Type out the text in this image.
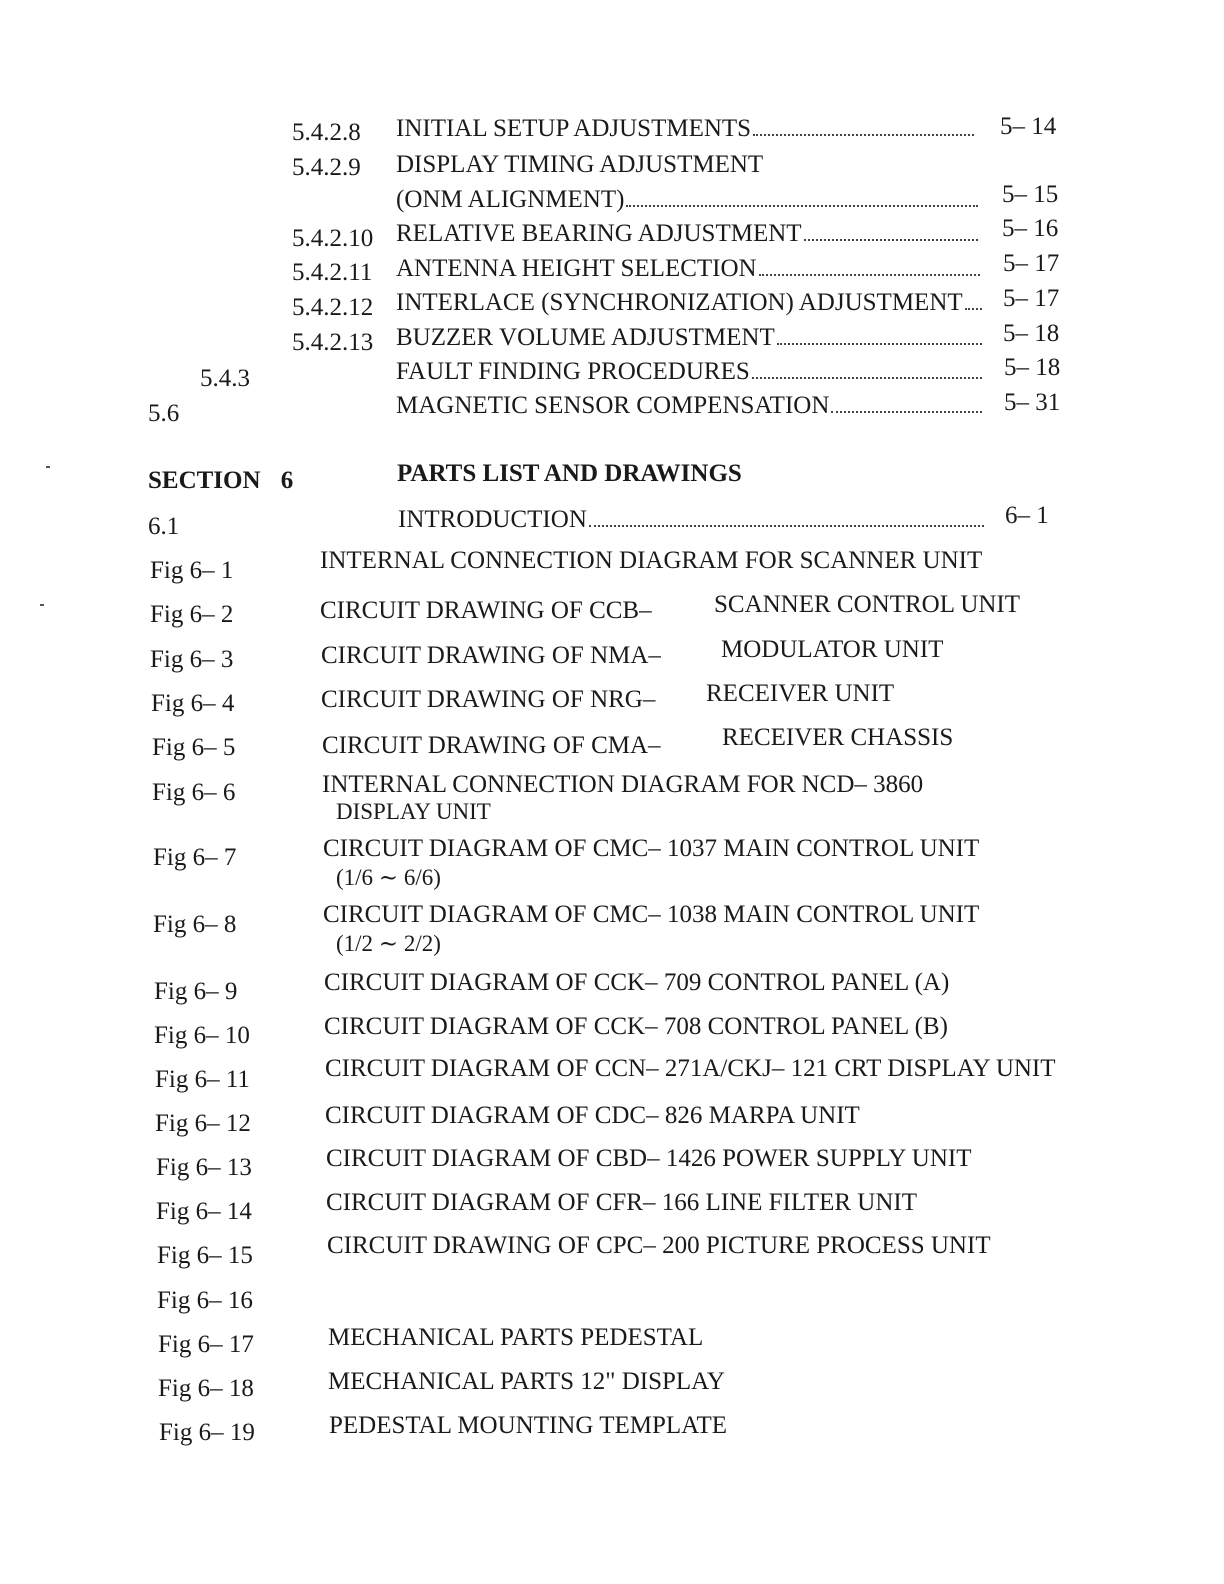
5.4.2.8 INITIAL SETUP ADJUSTMENTS	5– 14
5.4.2.9 DISPLAY TIMING ADJUSTMENT
(ONM ALIGNMENT)	5– 15
5.4.2.10 RELATIVE BEARING ADJUSTMENT	5– 16
5.4.2.11 ANTENNA HEIGHT SELECTION	5– 17
5.4.2.12 INTERLACE (SYNCHRONIZATION) ADJUSTMENT 5– 17
5.4.2.13 BUZZER VOLUME ADJUSTMENT	5– 18
5.4.3	FAULT FINDING PROCEDURES	5– 18
5.6	MAGNETIC SENSOR COMPENSATION	5– 31
SECTION 6	PARTS LIST AND DRAWINGS
6.1	INTRODUCTION	6– 1
Fig 6– 1	INTERNAL CONNECTION DIAGRAM FOR SCANNER UNIT
Fig 6– 2	CIRCUIT DRAWING OF CCB– SCANNER CONTROL UNIT
Fig 6– 3	CIRCUIT DRAWING OF NMA– MODULATOR UNIT
Fig 6– 4	CIRCUIT DRAWING OF NRG– RECEIVER UNIT
Fig 6– 5	CIRCUIT DRAWING OF CMA– RECEIVER CHASSIS
Fig 6– 6	INTERNAL CONNECTION DIAGRAM FOR NCD– 3860
DISPLAY UNIT
Fig 6– 7	CIRCUIT DIAGRAM OF CMC– 1037 MAIN CONTROL UNIT
(1/6 ∼ 6/6)
Fig 6– 8	CIRCUIT DIAGRAM OF CMC– 1038 MAIN CONTROL UNIT
(1/2 ∼ 2/2)
Fig 6– 9	CIRCUIT DIAGRAM OF CCK– 709 CONTROL PANEL (A)
Fig 6– 10	CIRCUIT DIAGRAM OF CCK– 708 CONTROL PANEL (B)
Fig 6– 11	CIRCUIT DIAGRAM OF CCN– 271A/CKJ– 121 CRT DISPLAY UNIT
Fig 6– 12	CIRCUIT DIAGRAM OF CDC– 826 MARPA UNIT
Fig 6– 13	CIRCUIT DIAGRAM OF CBD– 1426 POWER SUPPLY UNIT
Fig 6– 14	CIRCUIT DIAGRAM OF CFR– 166 LINE FILTER UNIT
Fig 6– 15	CIRCUIT DRAWING OF CPC– 200 PICTURE PROCESS UNIT
Fig 6– 16
Fig 6– 17	MECHANICAL PARTS PEDESTAL
Fig 6– 18	MECHANICAL PARTS 12" DISPLAY
Fig 6– 19	PEDESTAL MOUNTING TEMPLATE
